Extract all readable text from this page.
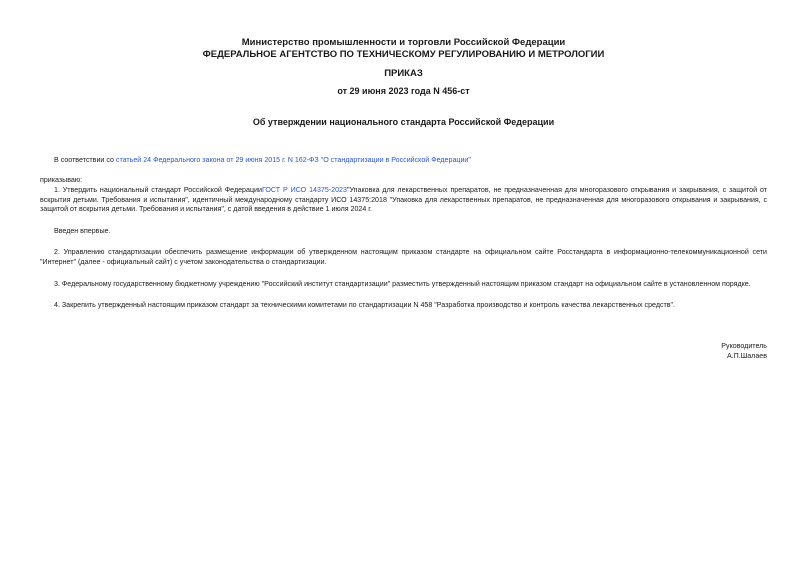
Министерство промышленности и торговли Российской Федерации
ФЕДЕРАЛЬНОЕ АГЕНТСТВО ПО ТЕХНИЧЕСКОМУ РЕГУЛИРОВАНИЮ И МЕТРОЛОГИИ
ПРИКАЗ
от 29 июня 2023 года N 456-ст
Об утверждении национального стандарта Российской Федерации
В соответствии со статьей 24 Федерального закона от 29 июня 2015 г. N 162-ФЗ "О стандартизации в Российской Федерации"
приказываю:
1. Утвердить национальный стандарт Российской ФедерацииГОСТ Р ИСО 14375-2023"Упаковка для лекарственных препаратов, не предназначенная для многоразового открывания и закрывания, с защитой от вскрытия детьми. Требования и испытания", идентичный международному стандарту ИСО 14375:2018 "Упаковка для лекарственных препаратов, не предназначенная для многоразового открывания и закрывания, с защитой от вскрытия детьми. Требования и испытания", с датой введения в действие 1 июля 2024 г.
Введен впервые.
2. Управлению стандартизации обеспечить размещение информации об утвержденном настоящим приказом стандарте на официальном сайте Росстандарта в информационно-телекоммуникационной сети "Интернет" (далее - официальный сайт) с учетом законодательства о стандартизации.
3. Федеральному государственному бюджетному учреждению "Российский институт стандартизации" разместить утвержденный настоящим приказом стандарт на официальном сайте в установленном порядке.
4. Закрепить утвержденный настоящим приказом стандарт за техническими комитетами по стандартизации N 458 "Разработка производство и контроль качества лекарственных средств".
Руководитель
А.П.Шалаев
